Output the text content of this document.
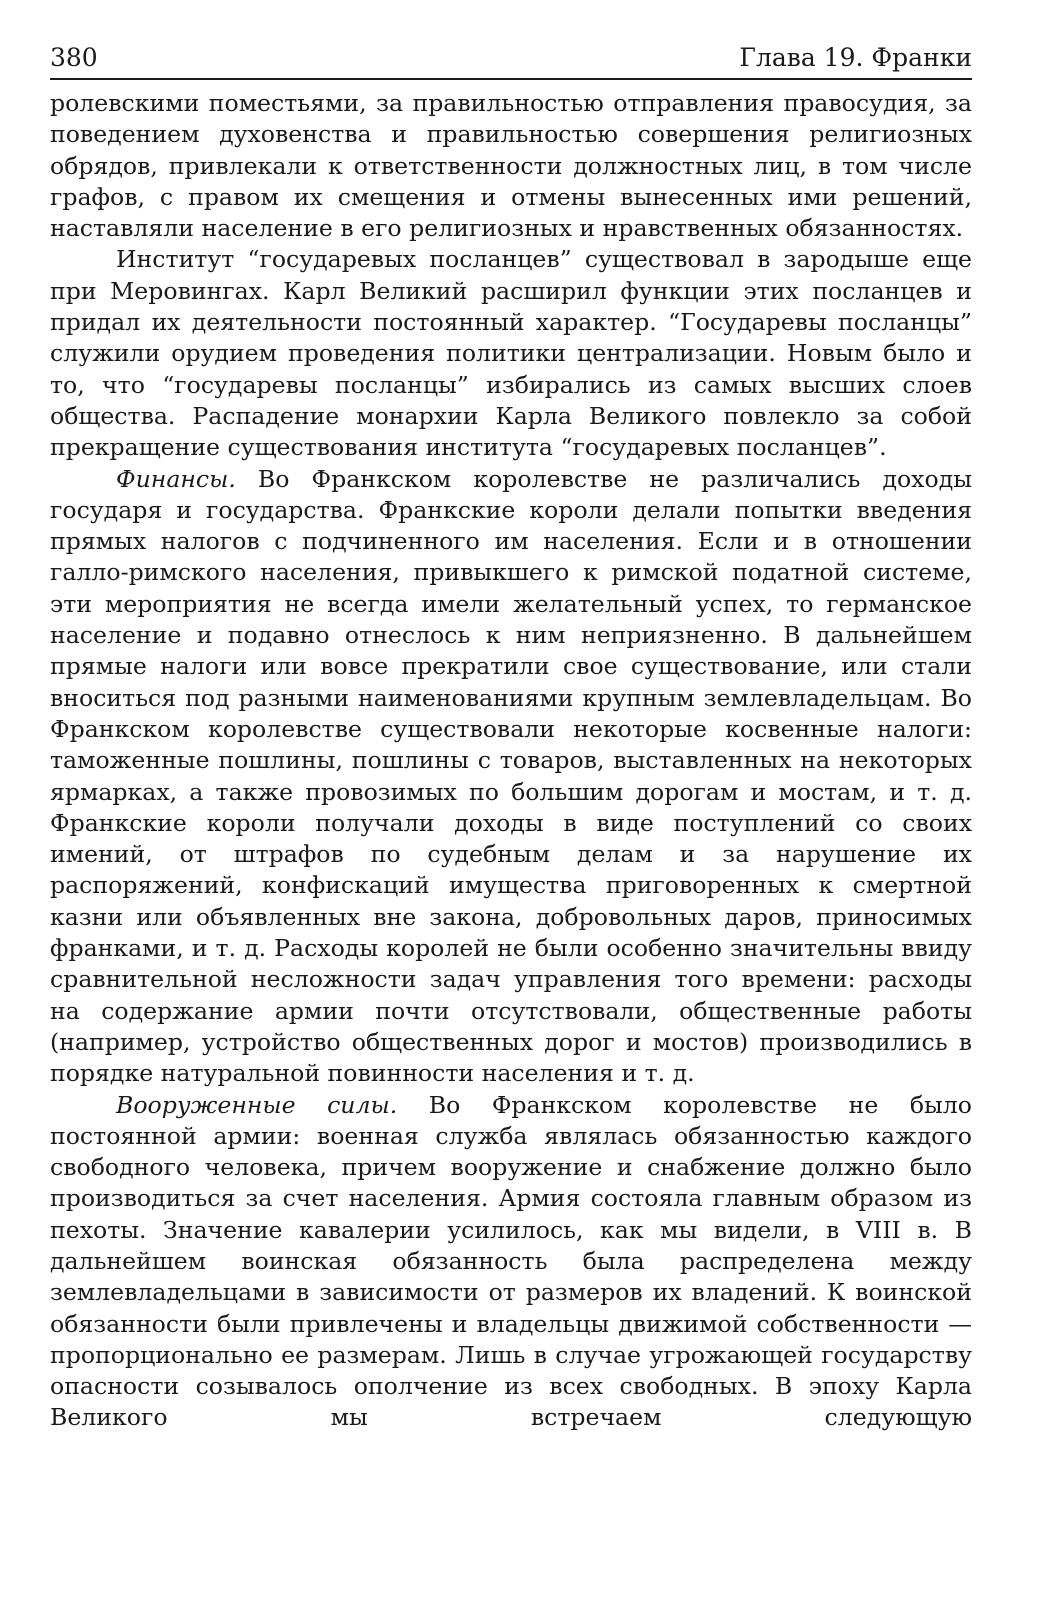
380	Глава 19. Франки

ролевскими поместьями, за правильностью отправления правосудия, за поведением духовенства и правильностью совершения религиозных обрядов, привлекали к ответственности должностных лиц, в том числе графов, с правом их смещения и отмены вынесенных ими решений, наставляли население в его религиозных и нравственных обязанностях.

Институт “государевых посланцев” существовал в зародыше еще при Меровингах. Карл Великий расширил функции этих посланцев и придал их деятельности постоянный характер. “Государевы посланцы” служили орудием проведения политики централизации. Новым было и то, что “государевы посланцы” избирались из самых высших слоев общества. Распадение монархии Карла Великого повлекло за собой прекращение существования института “государевых посланцев”.

Финансы. Во Франкском королевстве не различались доходы государя и государства. Франкские короли делали попытки введения прямых налогов с подчиненного им населения. Если и в отношении галло-римского населения, привыкшего к римской податной системе, эти мероприятия не всегда имели желательный успех, то германское население и подавно отнеслось к ним неприязненно. В дальнейшем прямые налоги или вовсе прекратили свое существование, или стали вноситься под разными наименованиями крупным землевладельцам. Во Франкском королевстве существовали некоторые косвенные налоги: таможенные пошлины, пошлины с товаров, выставленных на некоторых ярмарках, а также провозимых по большим дорогам и мостам, и т. д. Франкские короли получали доходы в виде поступлений со своих имений, от штрафов по судебным делам и за нарушение их распоряжений, конфискаций имущества приговоренных к смертной казни или объявленных вне закона, добровольных даров, приносимых франками, и т. д. Расходы королей не были особенно значительны ввиду сравнительной несложности задач управления того времени: расходы на содержание армии почти отсутствовали, общественные работы (например, устройство общественных дорог и мостов) производились в порядке натуральной повинности населения и т. д.

Вооруженные силы. Во Франкском королевстве не было постоянной армии: военная служба являлась обязанностью каждого свободного человека, причем вооружение и снабжение должно было производиться за счет населения. Армия состояла главным образом из пехоты. Значение кавалерии усилилось, как мы видели, в VIII в. В дальнейшем воинская обязанность была распределена между землевладельцами в зависимости от размеров их владений. К воинской обязанности были привлечены и владельцы движимой собственности — пропорционально ее размерам. Лишь в случае угрожающей государству опасности созывалось ополчение из всех свободных. В эпоху Карла Великого мы встречаем следующую
